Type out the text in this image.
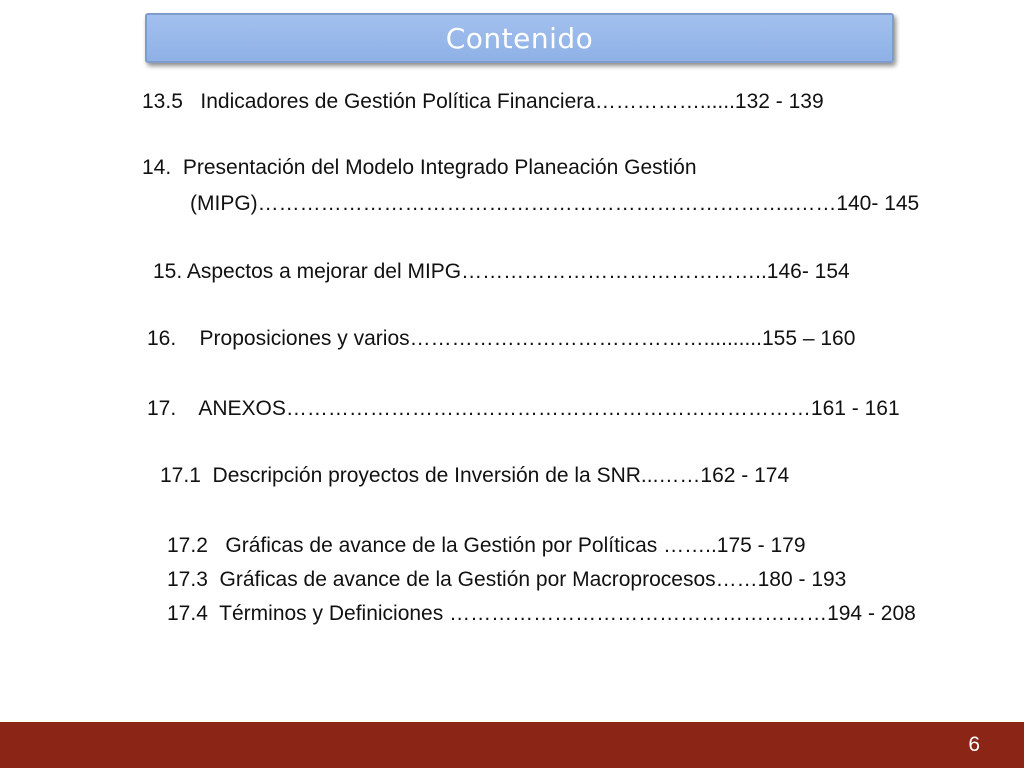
Contenido
13.5   Indicadores de Gestión Política Financiera……………......132 - 139
14.  Presentación del Modelo Integrado Planeación Gestión
(MIPG)…………………………………………………………………..……140- 145
15. Aspectos a mejorar del MIPG……………………………………..146- 154
16.    Proposiciones y varios……………………………………..........155 – 160
17.    ANEXOS…………………………………………………………………161 - 161
17.1  Descripción proyectos de Inversión de la SNR...……162 - 174
17.2   Gráficas de avance de la Gestión por Políticas ……..175 - 179
17.3  Gráficas de avance de la Gestión por Macroprocesos……180 - 193
17.4  Términos y Definiciones ………………………………………………194 - 208
6
